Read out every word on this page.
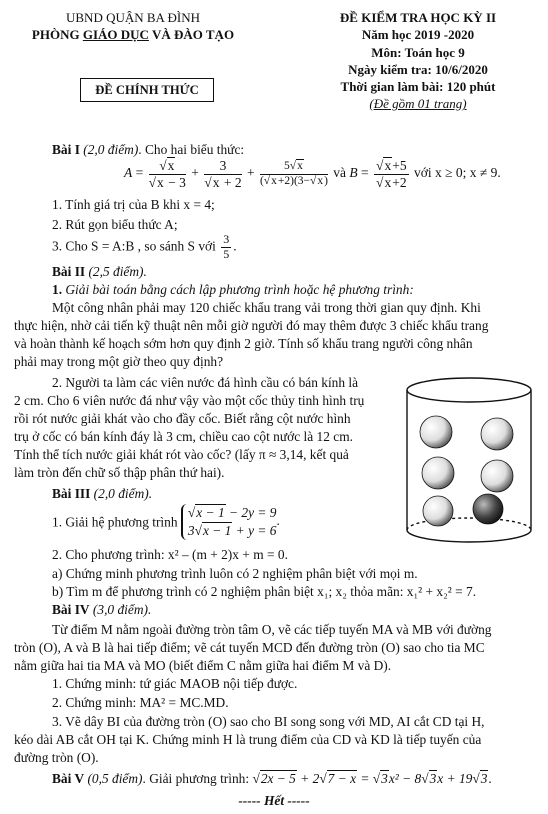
UBND QUẬN BA ĐÌNH
PHÒNG GIÁO DỤC VÀ ĐÀO TẠO
ĐỀ CHÍNH THỨC
ĐỀ KIỂM TRA HỌC KỲ II
Năm học 2019 -2020
Môn: Toán học 9
Ngày kiểm tra: 10/6/2020
Thời gian làm bài: 120 phút
(Đề gồm 01 trang)
Bài I (2,0 điểm). Cho hai biểu thức:
$A = \frac{√x}{√x - 3} + \frac{3}{√x + 2} + \frac{5√x}{(√x+2)(3-√x)}$ và $B = \frac{√x+5}{√x+2}$ với x ≥ 0; x ≠ 9.
1. Tính giá trị của B khi x = 4;
2. Rút gọn biểu thức A;
3. Cho S = A:B , so sánh S với $\frac{3}{5}$ .
Bài II (2,5 điểm).
1. Giải bài toán bằng cách lập phương trình hoặc hệ phương trình:
Một công nhân phải may 120 chiếc khẩu trang vải trong thời gian quy định. Khi
thực hiện, nhờ cải tiến kỹ thuật nên mỗi giờ người đó may thêm được 3 chiếc khẩu trang
và hoàn thành kế hoạch sớm hơn quy định 2 giờ. Tính số khẩu trang người công nhân
phải may trong một giờ theo quy định?
2. Người ta làm các viên nước đá hình cầu có bán kính là
2 cm. Cho 6 viên nước đá như vậy vào một cốc thủy tinh hình trụ
rồi rót nước giải khát vào cho đầy cốc. Biết rằng cột nước hình
trụ ở cốc có bán kính đáy là 3 cm, chiều cao cột nước là 12 cm.
Tính thể tích nước giải khát rót vào cốc? (lấy π ≈ 3,14, kết quả
làm tròn đến chữ số thập phân thứ hai).
Bài III (2,0 điểm).
1. Giải hệ phương trình
√x − 1 − 2y = 9
3√x − 1 + y = 6
.
2. Cho phương trình: x² – (m + 2)x + m = 0.
a) Chứng minh phương trình luôn có 2 nghiệm phân biệt với mọi m.
b) Tìm m để phương trình có 2 nghiệm phân biệt x₁; x₂ thỏa mãn: x₁² + x₂² = 7.
Bài IV (3,0 điểm).
Từ điểm M nằm ngoài đường tròn tâm O, vẽ các tiếp tuyến MA và MB với đường
tròn (O), A và B là hai tiếp điểm; vẽ cát tuyến MCD đến đường tròn (O) sao cho tia MC
nằm giữa hai tia MA và MO (biết điểm C nằm giữa hai điểm M và D).
1. Chứng minh: tứ giác MAOB nội tiếp được.
2. Chứng minh: MA² = MC.MD.
3. Vẽ dây BI của đường tròn (O) sao cho BI song song với MD, AI cắt CD tại H,
kéo dài AB cắt OH tại K. Chứng minh H là trung điểm của CD và KD là tiếp tuyến của
đường tròn (O).
Bài V (0,5 điểm). Giải phương trình: √2x − 5 + 2√7 − x = √3x² − 8√3x + 19√3.
----- Hết -----
